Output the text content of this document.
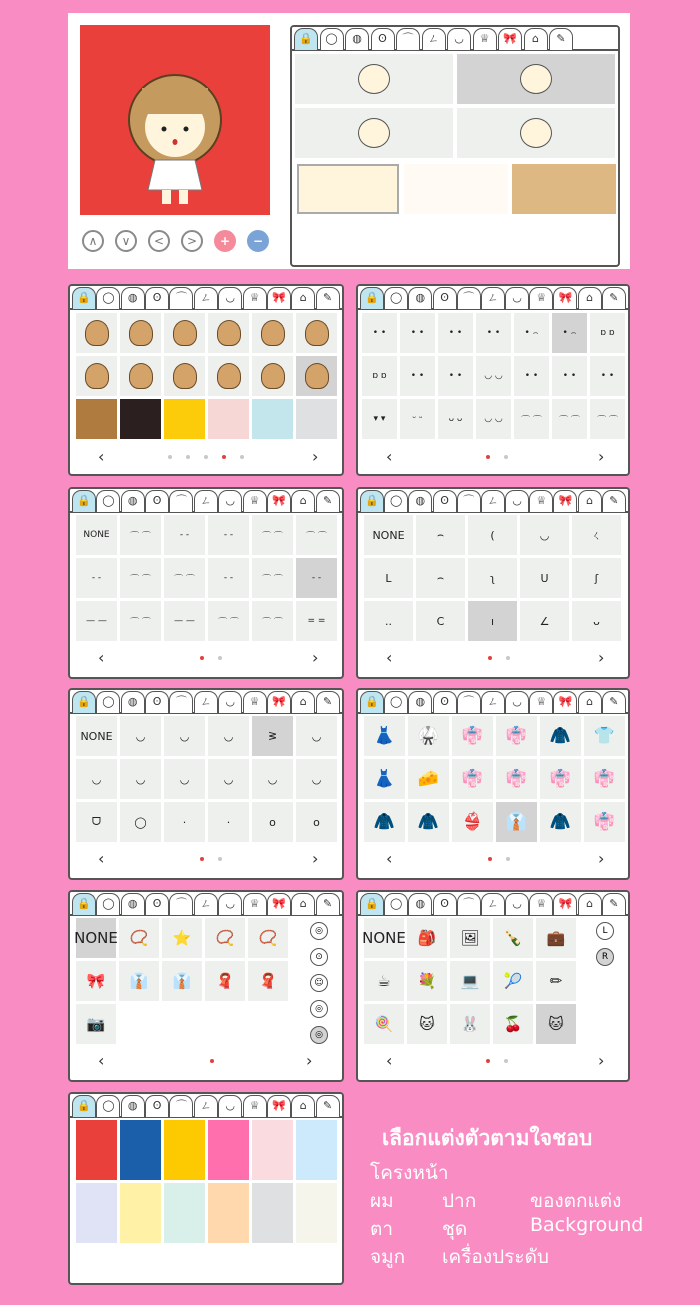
∧	∨	<	>	+	−
🔒	◯	◍	ʘ	⌒	ㄥ	◡	♕	🎀	⌂	✎
🔒	◯	◍	ʘ	⌒	ㄥ	◡	♕	🎀	⌂	✎
‹	›
🔒	◯	◍	ʘ	⌒	ㄥ	◡	♕	🎀	⌂	✎
• •	• •	• •	• •	• ⌢	• ⌢	ɒ ɒ
ɒ ɒ	• •	• •	◡ ◡	• •	• •	• •
▾ ▾	ᵕ ᵕ	ᴗ ᴗ	◡ ◡	⌒ ⌒	⌒ ⌒	⌒ ⌒
‹	›
🔒	◯	◍	ʘ	⌒	ㄥ	◡	♕	🎀	⌂	✎
NONE	⌒ ⌒	- -	- -	⌒ ⌒	⌒ ⌒
- -	⌒ ⌒	⌒ ⌒	- -	⌒ ⌒	- -
— —	⌒ ⌒	— —	⌒ ⌒	⌒ ⌒	= =
‹	›
🔒	◯	◍	ʘ	⌒	ㄥ	◡	♕	🎀	⌂	✎
NONE	⌢	(	◡	ㄑ
L	⌢	ʅ	U	ʃ
..	C	ı	∠	ᴗ
‹	›
🔒	◯	◍	ʘ	⌒	ㄥ	◡	♕	🎀	⌂	✎
NONE	◡	◡	◡	ᕒ	◡
◡	◡	◡	◡	◡	◡
ᗜ	◯	·	·	o	o
‹	›
🔒	◯	◍	ʘ	⌒	ㄥ	◡	♕	🎀	⌂	✎
👗	🥋	👘	👘	🧥	👕
👗	🧀	👘	👘	👘	👘
🧥	🧥	👙	👔	🧥	👘
‹	›
🔒	◯	◍	ʘ	⌒	ㄥ	◡	♕	🎀	⌂	✎
NONE 📿	⭐	📿	📿
🎀	👔	👔	🧣	🧣
📷
◎
⊙
☺
◎
◎
‹	›
🔒	◯	◍	ʘ	⌒	ㄥ	◡	♕	🎀	⌂	✎
NONE 🎒	🖼	🍾	💼
☕	💐	💻	🎾	✏
🍭	🐱	🐰	🍒	🐱
L
R
‹	›
🔒	◯	◍	ʘ	⌒	ㄥ	◡	♕	🎀	⌂	✎
เลือกแต่งตัวตามใจชอบ
โครงหน้า
ผม	ปาก	ของตกแต่ง
ตา	ชุด	Background
จมูก เครื่องประดับ
